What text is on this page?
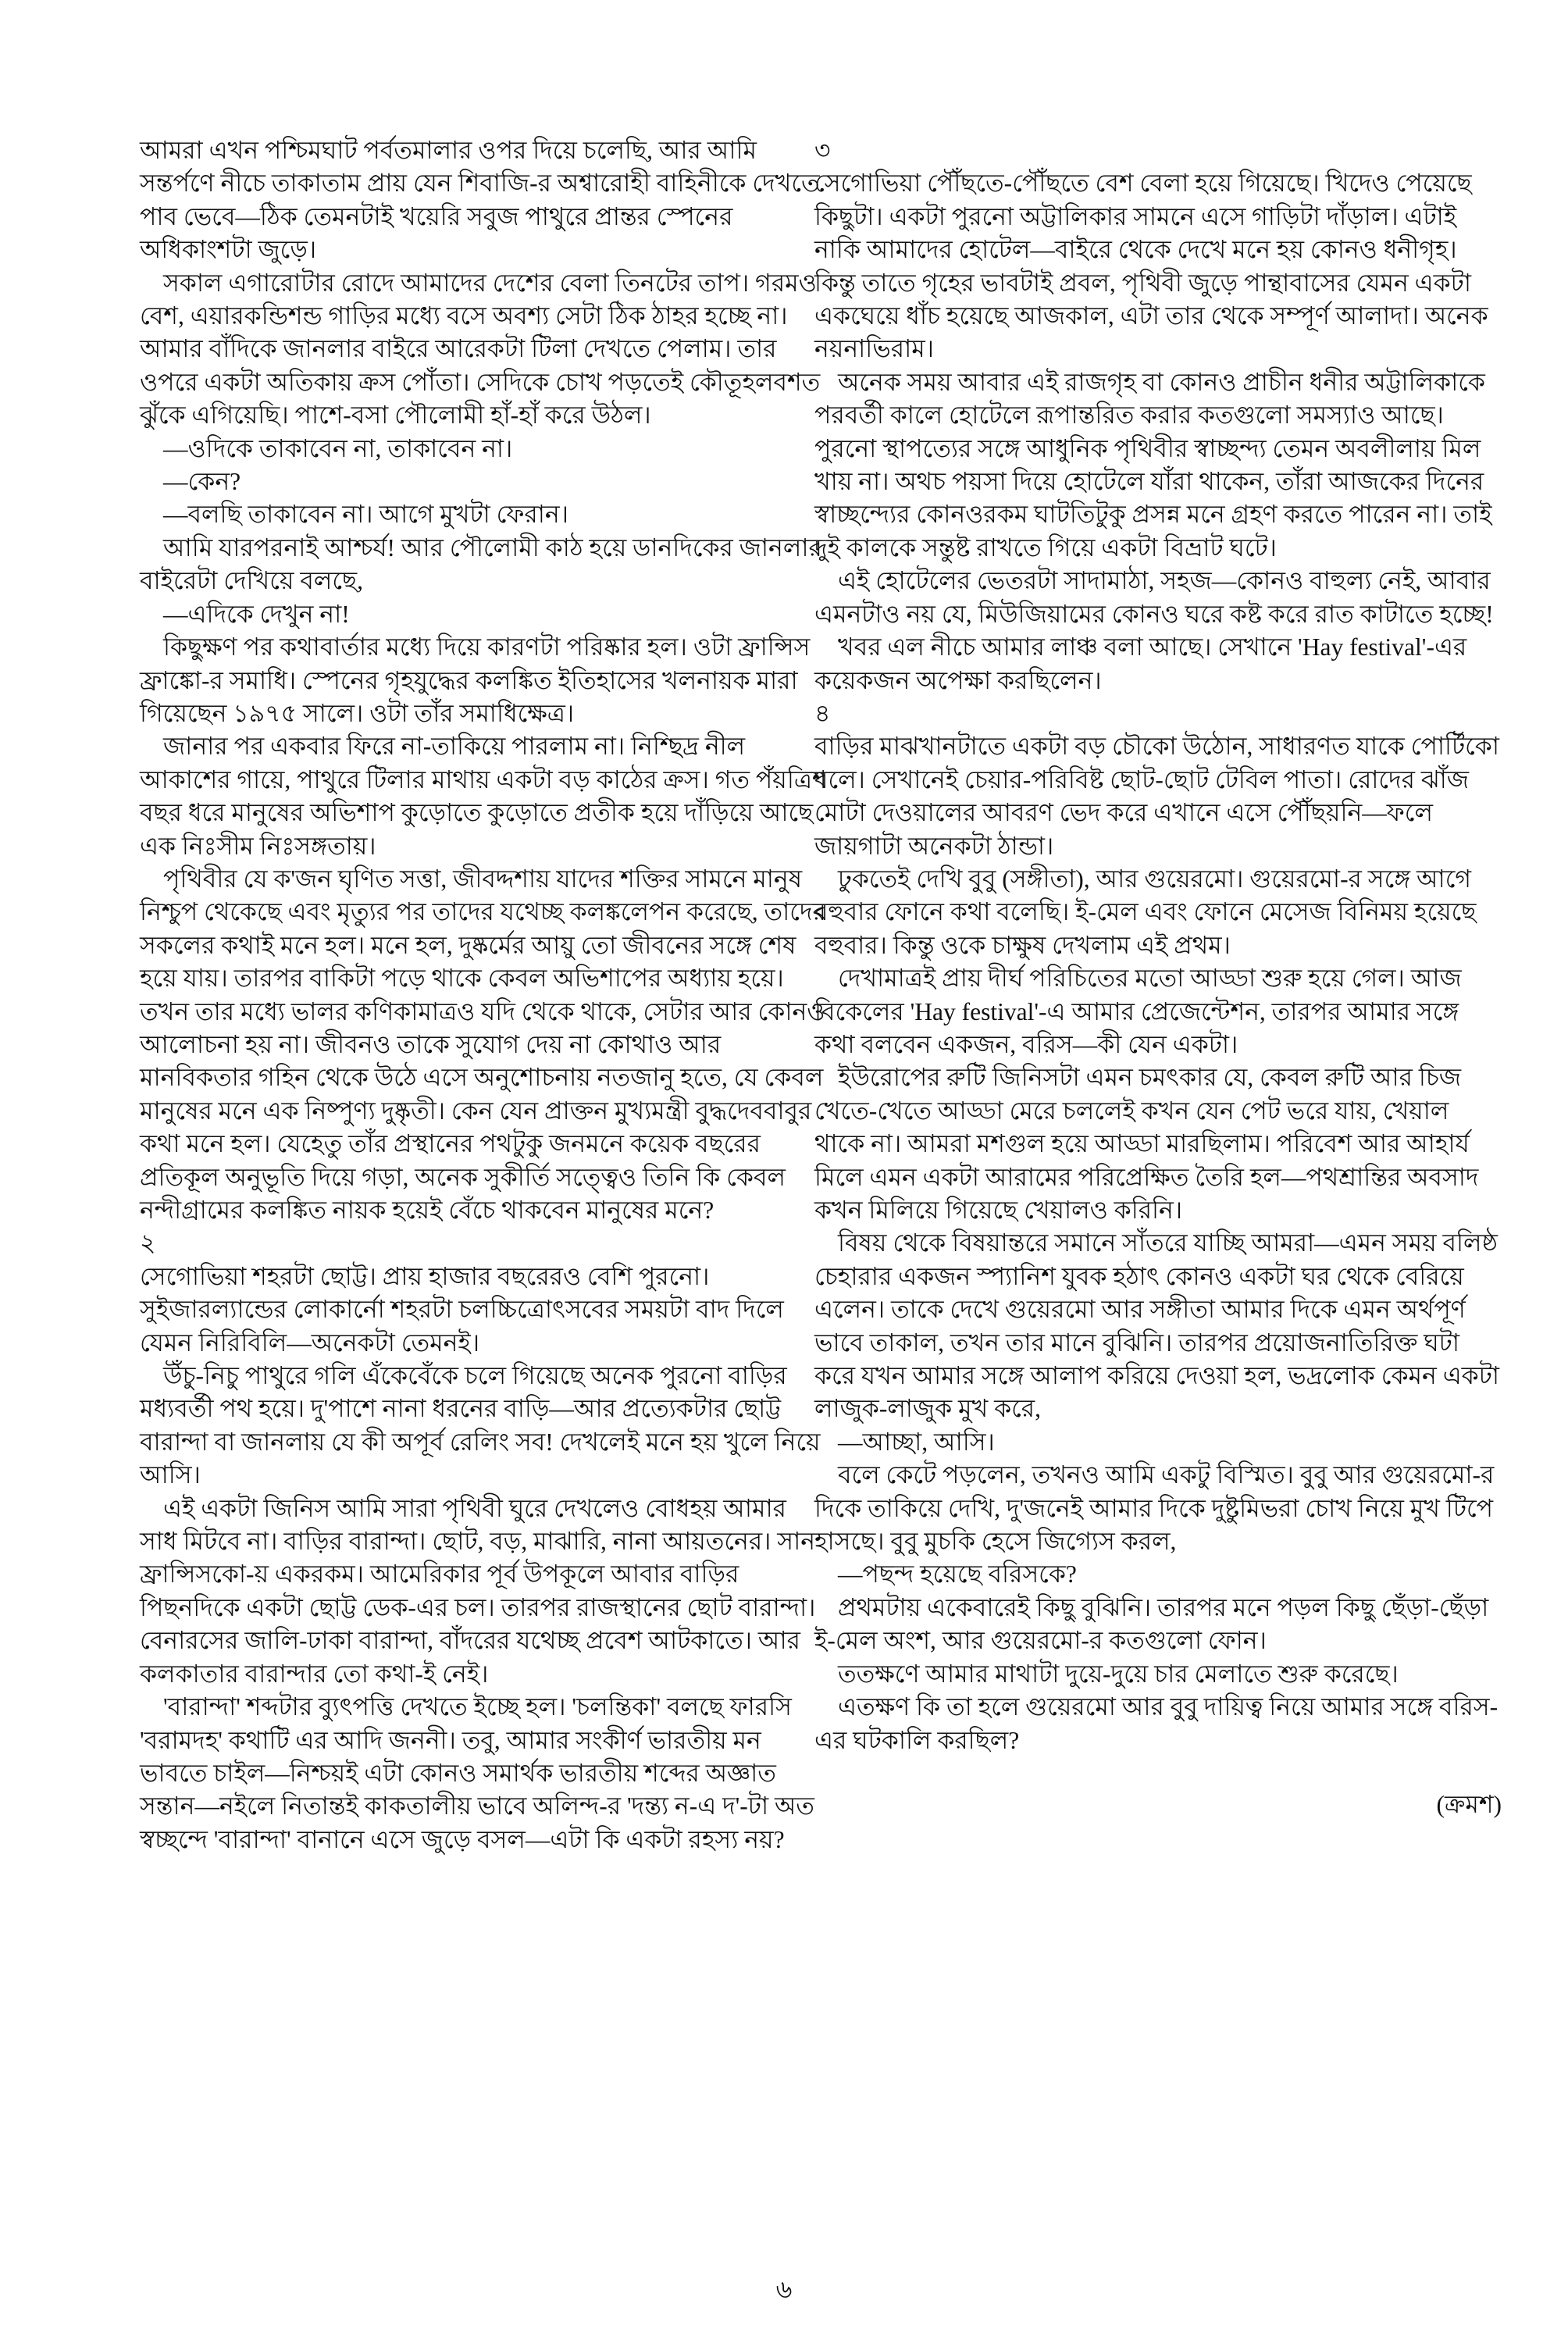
আমরা এখন পশ্চিমঘাট পর্বতমালার ওপর দিয়ে চলেছি, আর আমি সন্তর্পণে নীচে তাকাতাম প্রায় যেন শিবাজি-র অশ্বারোহী বাহিনীকে দেখতে পাব ভেবে—ঠিক তেমনটাই খয়েরি সবুজ পাথুরে প্রান্তর স্পেনের অধিকাংশটা জুড়ে।

সকাল এগারোটার রোদে আমাদের দেশের বেলা তিনটের তাপ। গরমও বেশ, এয়ারকন্ডিশন্ড গাড়ির মধ্যে বসে অবশ্য সেটা ঠিক ঠাহর হচ্ছে না। আমার বাঁদিকে জানলার বাইরে আরেকটা টিলা দেখতে পেলাম। তার ওপরে একটা অতিকায় ক্রস পোঁতা। সেদিকে চোখ পড়তেই কৌতূহলবশত ঝুঁকে এগিয়েছি। পাশে-বসা পৌলোমী হাঁ-হাঁ করে উঠল।

—ওদিকে তাকাবেন না, তাকাবেন না।

—কেন?

—বলছি তাকাবেন না। আগে মুখটা ফেরান।

আমি যারপরনাই আশ্চর্য! আর পৌলোমী কাঠ হয়ে ডানদিকের জানলার বাইরেটা দেখিয়ে বলছে,

—এদিকে দেখুন না!

কিছুক্ষণ পর কথাবার্তার মধ্যে দিয়ে কারণটা পরিষ্কার হল। ওটা ফ্রান্সিস ফ্রাঙ্কো-র সমাধি। স্পেনের গৃহযুদ্ধের কলঙ্কিত ইতিহাসের খলনায়ক মারা গিয়েছেন ১৯৭৫ সালে। ওটা তাঁর সমাধিক্ষেত্র।

জানার পর একবার ফিরে না-তাকিয়ে পারলাম না। নিশ্ছিদ্র নীল আকাশের গায়ে, পাথুরে টিলার মাথায় একটা বড় কাঠের ক্রস। গত পঁয়ত্রিশ বছর ধরে মানুষের অভিশাপ কুড়োতে কুড়োতে প্রতীক হয়ে দাঁড়িয়ে আছে এক নিঃসীম নিঃসঙ্গতায়।

পৃথিবীর যে ক'জন ঘৃণিত সত্তা, জীবদ্দশায় যাদের শক্তির সামনে মানুষ নিশ্চুপ থেকেছে এবং মৃত্যুর পর তাদের যথেচ্ছ কলঙ্কলেপন করেছে, তাদের সকলের কথাই মনে হল। মনে হল, দুষ্কর্মের আয়ু তো জীবনের সঙ্গে শেষ হয়ে যায়। তারপর বাকিটা পড়ে থাকে কেবল অভিশাপের অধ্যায় হয়ে। তখন তার মধ্যে ভালর কণিকামাত্রও যদি থেকে থাকে, সেটার আর কোনও আলোচনা হয় না। জীবনও তাকে সুযোগ দেয় না কোথাও আর মানবিকতার গহিন থেকে উঠে এসে অনুশোচনায় নতজানু হতে, যে কেবল মানুষের মনে এক নিষ্পুণ্য দুষ্কৃতী। কেন যেন প্রাক্তন মুখ্যমন্ত্রী বুদ্ধদেববাবুর কথা মনে হল। যেহেতু তাঁর প্রস্থানের পথটুকু জনমনে কয়েক বছরের প্রতিকূল অনুভূতি দিয়ে গড়া, অনেক সুকীর্তি সত্ত্বেও তিনি কি কেবল নন্দীগ্রামের কলঙ্কিত নায়ক হয়েই বেঁচে থাকবেন মানুষের মনে?

২

সেগোভিয়া শহরটা ছোট্ট। প্রায় হাজার বছরেরও বেশি পুরনো। সুইজারল্যান্ডের লোকার্নো শহরটা চলচ্চিত্রোৎসবের সময়টা বাদ দিলে যেমন নিরিবিলি—অনেকটা তেমনই।

উঁচু-নিচু পাথুরে গলি এঁকেবেঁকে চলে গিয়েছে অনেক পুরনো বাড়ির মধ্যবর্তী পথ হয়ে। দু'পাশে নানা ধরনের বাড়ি—আর প্রত্যেকটার ছোট্ট বারান্দা বা জানলায় যে কী অপূর্ব রেলিং সব! দেখলেই মনে হয় খুলে নিয়ে আসি।

এই একটা জিনিস আমি সারা পৃথিবী ঘুরে দেখলেও বোধহয় আমার সাধ মিটবে না। বাড়ির বারান্দা। ছোট, বড়, মাঝারি, নানা আয়তনের। সান ফ্রান্সিসকো-য় একরকম। আমেরিকার পূর্ব উপকূলে আবার বাড়ির পিছনদিকে একটা ছোট্ট ডেক-এর চল। তারপর রাজস্থানের ছোট বারান্দা। বেনারসের জালি-ঢাকা বারান্দা, বাঁদরের যথেচ্ছ প্রবেশ আটকাতে। আর কলকাতার বারান্দার তো কথা-ই নেই।

'বারান্দা' শব্দটার ব্যুৎপত্তি দেখতে ইচ্ছে হল। 'চলন্তিকা' বলছে ফারসি 'বরামদহ' কথাটি এর আদি জননী। তবু, আমার সংকীর্ণ ভারতীয় মন ভাবতে চাইল—নিশ্চয়ই এটা কোনও সমার্থক ভারতীয় শব্দের অজ্ঞাত সন্তান—নইলে নিতান্তই কাকতালীয় ভাবে অলিন্দ-র 'দন্ত্য ন-এ দ'-টা অত স্বচ্ছন্দে 'বারান্দা' বানানে এসে জুড়ে বসল—এটা কি একটা রহস্য নয়?

৩

সেগোভিয়া পৌঁছতে-পৌঁছতে বেশ বেলা হয়ে গিয়েছে। খিদেও পেয়েছে কিছুটা। একটা পুরনো অট্টালিকার সামনে এসে গাড়িটা দাঁড়াল। এটাই নাকি আমাদের হোটেল—বাইরে থেকে দেখে মনে হয় কোনও ধনীগৃহ। কিন্তু তাতে গৃহের ভাবটাই প্রবল, পৃথিবী জুড়ে পান্থাবাসের যেমন একটা একঘেয়ে ধাঁচ হয়েছে আজকাল, এটা তার থেকে সম্পূর্ণ আলাদা। অনেক নয়নাভিরাম।

অনেক সময় আবার এই রাজগৃহ বা কোনও প্রাচীন ধনীর অট্টালিকাকে পরবর্তী কালে হোটেলে রূপান্তরিত করার কতগুলো সমস্যাও আছে। পুরনো স্থাপত্যের সঙ্গে আধুনিক পৃথিবীর স্বাচ্ছন্দ্য তেমন অবলীলায় মিল খায় না। অথচ পয়সা দিয়ে হোটেলে যাঁরা থাকেন, তাঁরা আজকের দিনের স্বাচ্ছন্দ্যের কোনওরকম ঘাটতিটুকু প্রসন্ন মনে গ্রহণ করতে পারেন না। তাই দুই কালকে সন্তুষ্ট রাখতে গিয়ে একটা বিভ্রাট ঘটে।

এই হোটেলের ভেতরটা সাদামাঠা, সহজ—কোনও বাহুল্য নেই, আবার এমনটাও নয় যে, মিউজিয়ামের কোনও ঘরে কষ্ট করে রাত কাটাতে হচ্ছে!

খবর এল নীচে আমার লাঞ্চ বলা আছে। সেখানে 'Hay festival'-এর কয়েকজন অপেক্ষা করছিলেন।

৪

বাড়ির মাঝখানটাতে একটা বড় চৌকো উঠোন, সাধারণত যাকে পোর্টিকো বলে। সেখানেই চেয়ার-পরিবিষ্ট ছোট-ছোট টেবিল পাতা। রোদের ঝাঁজ মোটা দেওয়ালের আবরণ ভেদ করে এখানে এসে পৌঁছয়নি—ফলে জায়গাটা অনেকটা ঠান্ডা।

ঢুকতেই দেখি বুবু (সঙ্গীতা), আর গুয়েরমো। গুয়েরমো-র সঙ্গে আগে বহুবার ফোনে কথা বলেছি। ই-মেল এবং ফোনে মেসেজ বিনিময় হয়েছে বহুবার। কিন্তু ওকে চাক্ষুষ দেখলাম এই প্রথম।

দেখামাত্রই প্রায় দীর্ঘ পরিচিতের মতো আড্ডা শুরু হয়ে গেল। আজ বিকেলের 'Hay festival'-এ আমার প্রেজেন্টেশন, তারপর আমার সঙ্গে কথা বলবেন একজন, বরিস—কী যেন একটা।

ইউরোপের রুটি জিনিসটা এমন চমৎকার যে, কেবল রুটি আর চিজ খেতে-খেতে আড্ডা মেরে চললেই কখন যেন পেট ভরে যায়, খেয়াল থাকে না। আমরা মশগুল হয়ে আড্ডা মারছিলাম। পরিবেশ আর আহার্য মিলে এমন একটা আরামের পরিপ্রেক্ষিত তৈরি হল—পথশ্রান্তির অবসাদ কখন মিলিয়ে গিয়েছে খেয়ালও করিনি।

বিষয় থেকে বিষয়ান্তরে সমানে সাঁতরে যাচ্ছি আমরা—এমন সময় বলিষ্ঠ চেহারার একজন স্প্যানিশ যুবক হঠাৎ কোনও একটা ঘর থেকে বেরিয়ে এলেন। তাকে দেখে গুয়েরমো আর সঙ্গীতা আমার দিকে এমন অর্থপূর্ণ ভাবে তাকাল, তখন তার মানে বুঝিনি। তারপর প্রয়োজনাতিরিক্ত ঘটা করে যখন আমার সঙ্গে আলাপ করিয়ে দেওয়া হল, ভদ্রলোক কেমন একটা লাজুক-লাজুক মুখ করে,

—আচ্ছা, আসি।

বলে কেটে পড়লেন, তখনও আমি একটু বিস্মিত। বুবু আর গুয়েরমো-র দিকে তাকিয়ে দেখি, দু'জনেই আমার দিকে দুষ্টুমিভরা চোখ নিয়ে মুখ টিপে হাসছে। বুবু মুচকি হেসে জিগ্যেস করল,

—পছন্দ হয়েছে বরিসকে?

প্রথমটায় একেবারেই কিছু বুঝিনি। তারপর মনে পড়ল কিছু ছেঁড়া-ছেঁড়া ই-মেল অংশ, আর গুয়েরমো-র কতগুলো ফোন।

ততক্ষণে আমার মাথাটা দুয়ে-দুয়ে চার মেলাতে শুরু করেছে।

এতক্ষণ কি তা হলে গুয়েরমো আর বুবু দায়িত্ব নিয়ে আমার সঙ্গে বরিস-এর ঘটকালি করছিল?

(ক্রমশ)

৬
